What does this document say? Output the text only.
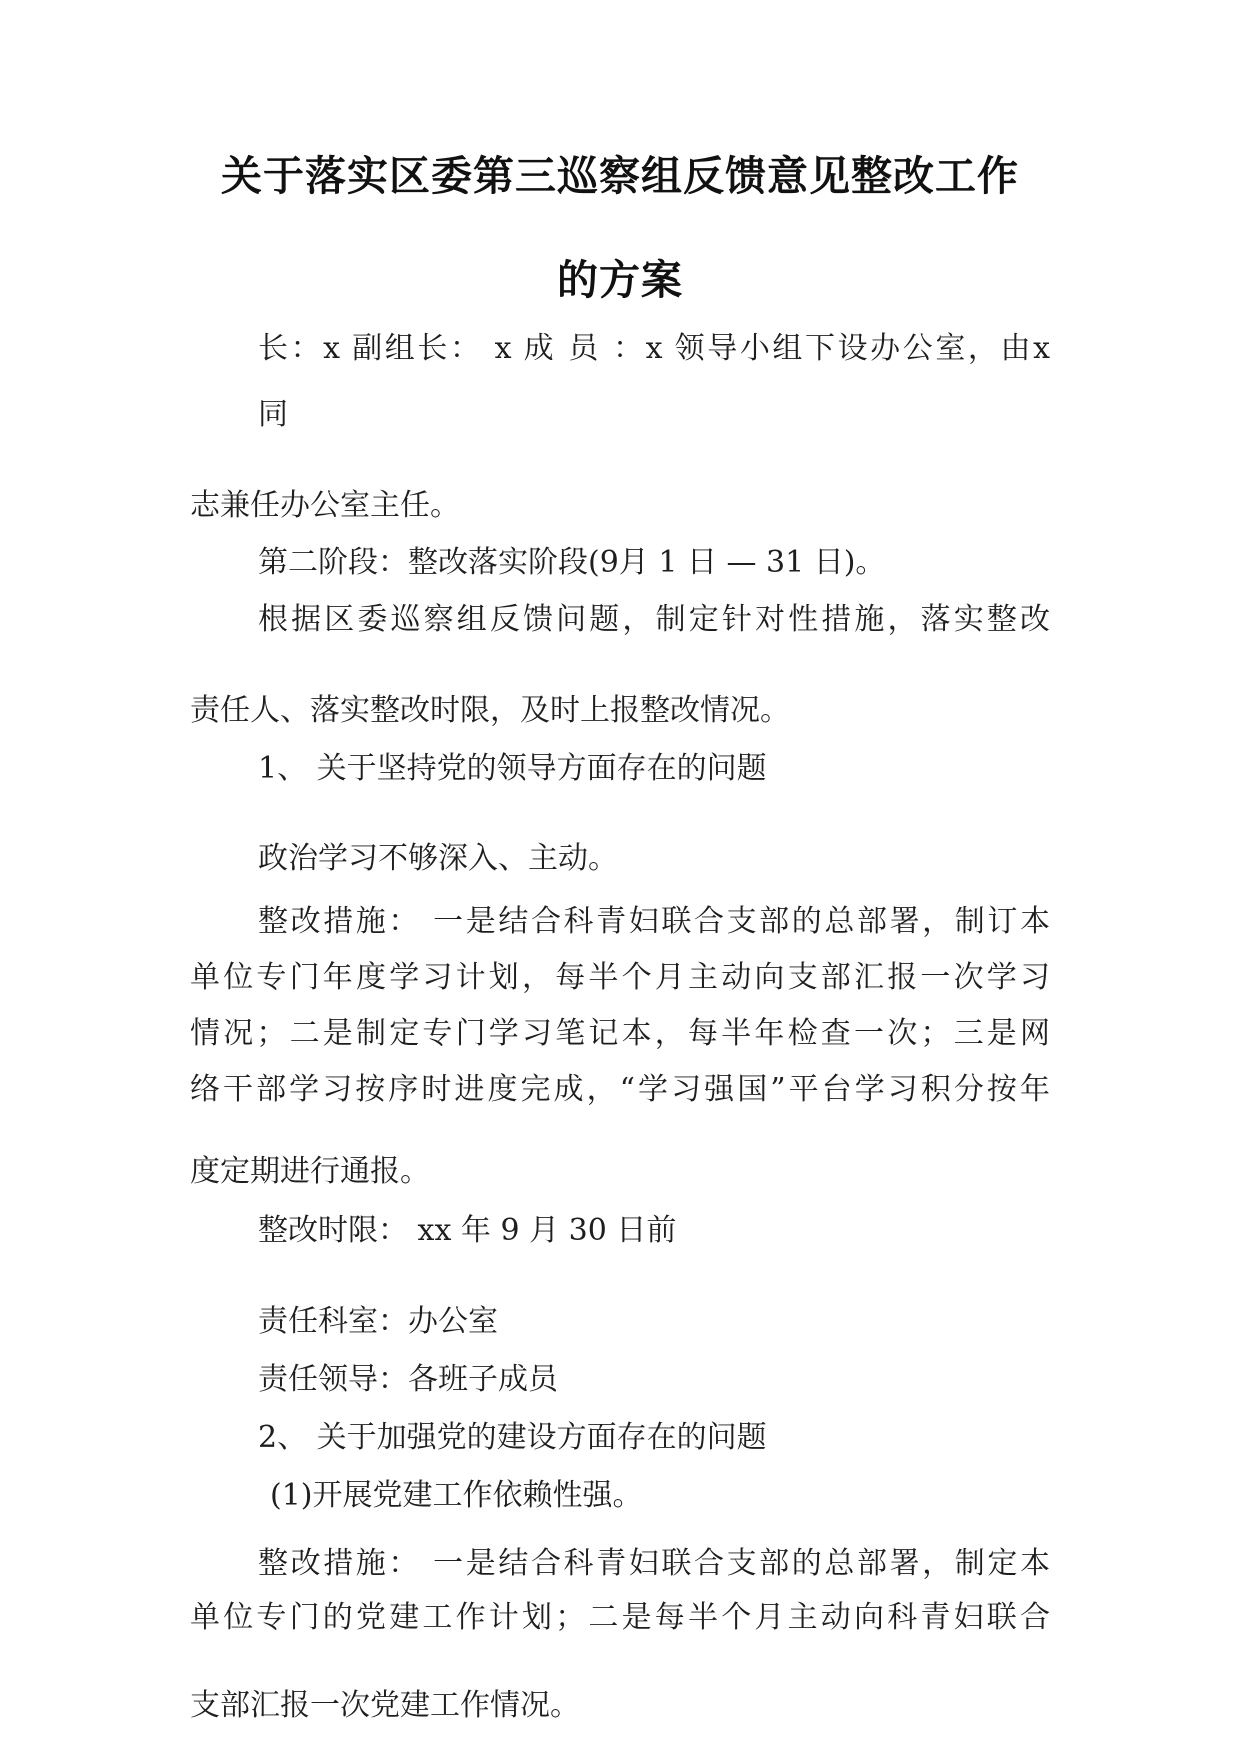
关于落实区委第三巡察组反馈意见整改工作
的方案
长：x 副组长： x 成 员 ：x 领导小组下设办公室，由x
同
志兼任办公室主任。
第二阶段：整改落实阶段(9月 1 日 — 31 日)。
根据区委巡察组反馈问题，制定针对性措施，落实整改
责任人、落实整改时限，及时上报整改情况。
1、 关于坚持党的领导方面存在的问题
政治学习不够深入、主动。
整改措施： 一是结合科青妇联合支部的总部署，制订本
单位专门年度学习计划，每半个月主动向支部汇报一次学习
情况；二是制定专门学习笔记本，每半年检查一次；三是网
络干部学习按序时进度完成，“学习强国”平台学习积分按年
度定期进行通报。
整改时限： xx 年 9 月 30 日前
责任科室：办公室
责任领导：各班子成员
2、 关于加强党的建设方面存在的问题
(1)开展党建工作依赖性强。
整改措施： 一是结合科青妇联合支部的总部署，制定本
单位专门的党建工作计划；二是每半个月主动向科青妇联合
支部汇报一次党建工作情况。
